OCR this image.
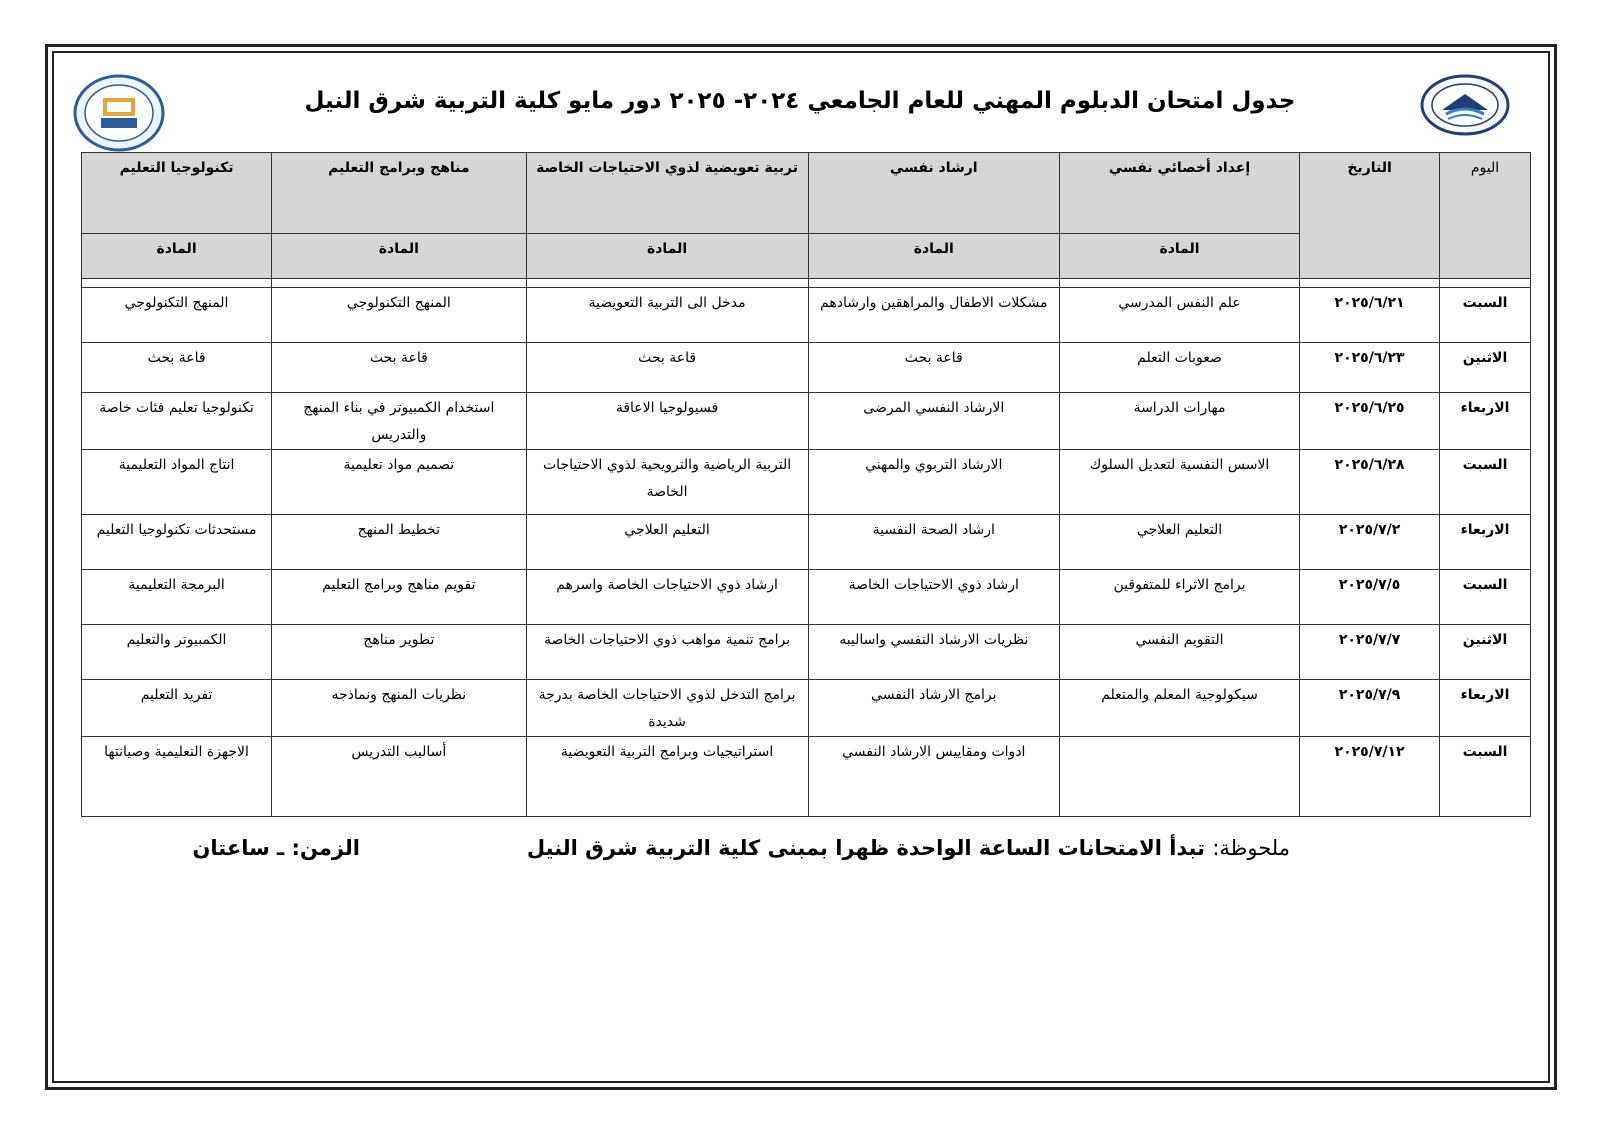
جدول امتحان الدبلوم المهني للعام الجامعي ٢٠٢٤- ٢٠٢٥ دور مايو كلية التربية شرق النيل
اليوم	التاريخ	إعداد أخصائي نفسي	ارشاد نفسي	تربية تعويضية لذوي الاحتياجات الخاصة	مناهج وبرامج التعليم	تكنولوجيا التعليم
		المادة	المادة	المادة	المادة	المادة

السبت	٢٠٢٥/٦/٢١	علم النفس المدرسي	مشكلات الاطفال والمراهقين وارشادهم	مدخل الى التربية التعويضية	المنهج التكنولوجي	المنهج التكنولوجي
الاثنين	٢٠٢٥/٦/٢٣	صعوبات التعلم	قاعة بحث	قاعة بحث	قاعة بحث	قاعة بحث
الاربعاء	٢٠٢٥/٦/٢٥	مهارات الدراسة	الارشاد النفسي المرضى	فسيولوجيا الاعاقة	استخدام الكمبيوتر في بناء المنهج والتدريس	تكنولوجيا تعليم فئات خاصة
السبت	٢٠٢٥/٦/٢٨	الاسس النفسية لتعديل السلوك	الارشاد التربوي والمهني	التربية الرياضية والترويحية لذوي الاحتياجات الخاصة	تصميم مواد تعليمية	انتاج المواد التعليمية
الاربعاء	٢٠٢٥/٧/٢	التعليم العلاجي	ارشاد الصحة النفسية	التعليم العلاجي	تخطيط المنهج	مستحدثات تكنولوجيا التعليم
السبت	٢٠٢٥/٧/٥	برامج الاثراء للمتفوقين	ارشاد ذوي الاحتياجات الخاصة	ارشاد ذوي الاحتياجات الخاصة واسرهم	تقويم مناهج وبرامج التعليم	البرمجة التعليمية
الاثنين	٢٠٢٥/٧/٧	التقويم النفسي	نظريات الارشاد النفسي واساليبه	برامج تنمية مواهب ذوي الاحتياجات الخاصة	تطوير مناهج	الكمبيوتر والتعليم
الاربعاء	٢٠٢٥/٧/٩	سيكولوجية المعلم والمتعلم	برامج الارشاد النفسي	برامج التدخل لذوي الاحتياجات الخاصة بدرجة شديدة	نظريات المنهج ونماذجه	تفريد التعليم
السبت	٢٠٢٥/٧/١٢		ادوات ومقاييس الارشاد النفسي	استراتيجيات وبرامج التربية التعويضية	أساليب التدريس	الاجهزة التعليمية وصيانتها
ملحوظة: تبدأ الامتحانات الساعة الواحدة ظهرا بمبنى كلية التربية شرق النيل
الزمن: ـ ساعتان
